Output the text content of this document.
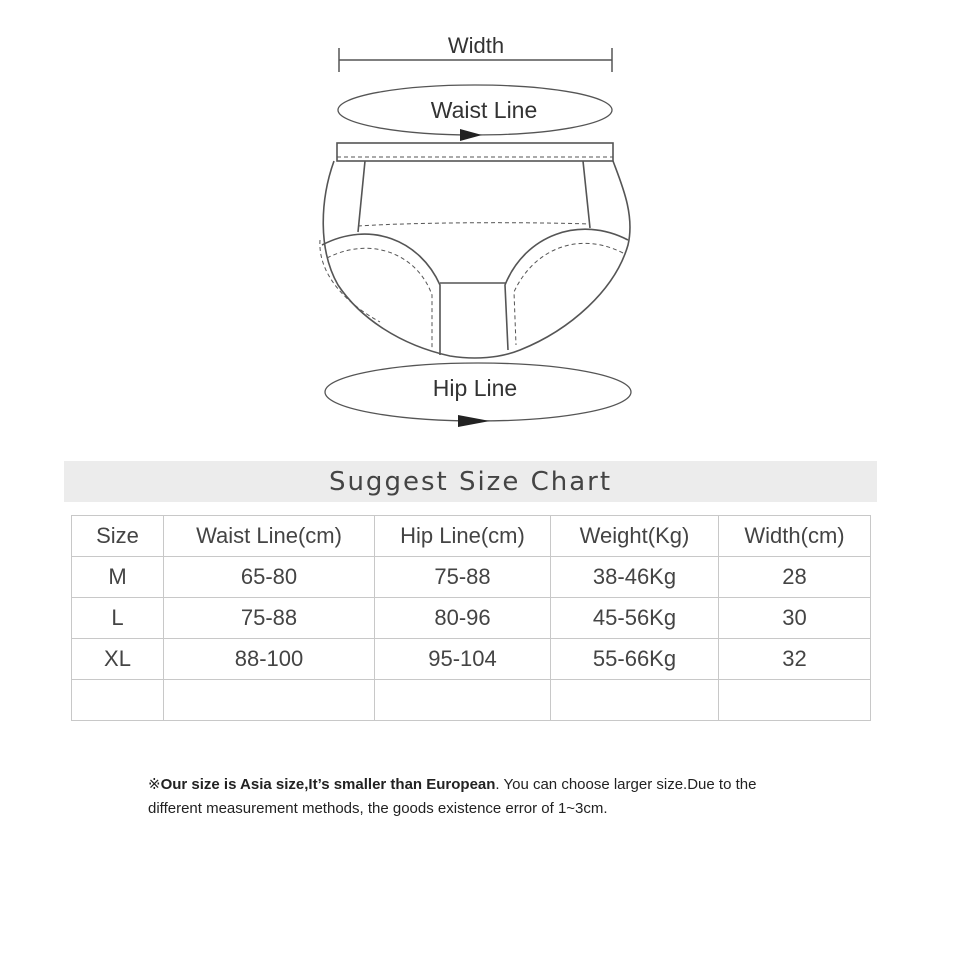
Width
Waist Line
Hip Line
Suggest Size Chart
Size	Waist Line(cm)	Hip Line(cm)	Weight(Kg)	Width(cm)
M	65-80	75-88	38-46Kg	28
L	75-88	80-96	45-56Kg	30
XL	88-100	95-104	55-66Kg	32

※Our size is Asia size,It’s smaller than European. You can choose larger size.Due to the different measurement methods, the goods existence error of 1~3cm.
